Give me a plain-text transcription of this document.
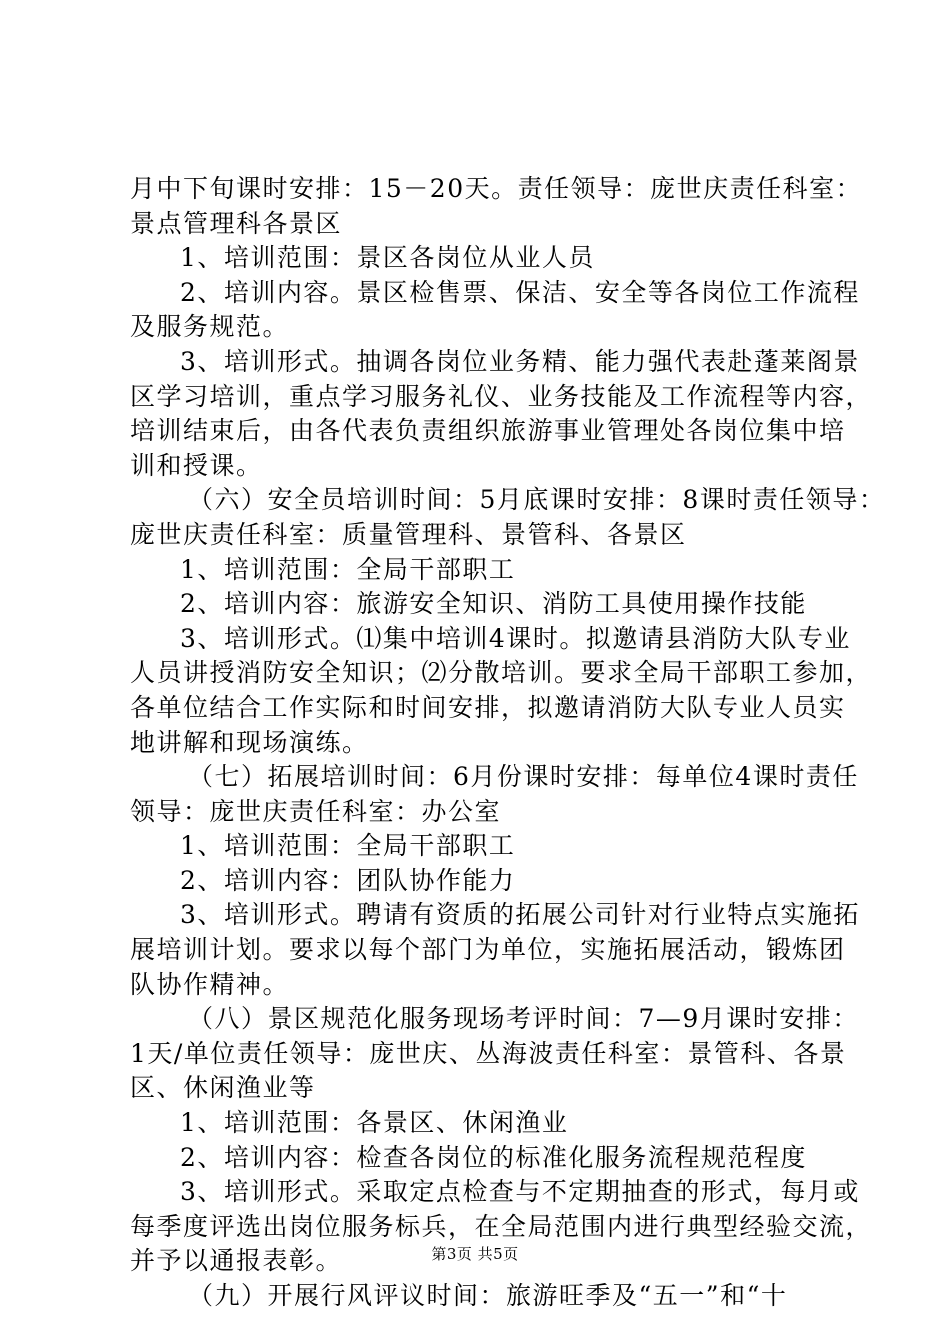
月中下旬课时安排：15－20天。责任领导：庞世庆责任科室：
景点管理科各景区
1、培训范围：景区各岗位从业人员
2、培训内容。景区检售票、保洁、安全等各岗位工作流程
及服务规范。
3、培训形式。抽调各岗位业务精、能力强代表赴蓬莱阁景
区学习培训，重点学习服务礼仪、业务技能及工作流程等内容，
培训结束后，由各代表负责组织旅游事业管理处各岗位集中培
训和授课。
（六）安全员培训时间：5月底课时安排：8课时责任领导：
庞世庆责任科室：质量管理科、景管科、各景区
1、培训范围：全局干部职工
2、培训内容：旅游安全知识、消防工具使用操作技能
3、培训形式。⑴集中培训4课时。拟邀请县消防大队专业
人员讲授消防安全知识；⑵分散培训。要求全局干部职工参加，
各单位结合工作实际和时间安排，拟邀请消防大队专业人员实
地讲解和现场演练。
（七）拓展培训时间：6月份课时安排：每单位4课时责任
领导：庞世庆责任科室：办公室
1、培训范围：全局干部职工
2、培训内容：团队协作能力
3、培训形式。聘请有资质的拓展公司针对行业特点实施拓
展培训计划。要求以每个部门为单位，实施拓展活动，锻炼团
队协作精神。
（八）景区规范化服务现场考评时间：7—9月课时安排：
1天/单位责任领导：庞世庆、丛海波责任科室：景管科、各景
区、休闲渔业等
1、培训范围：各景区、休闲渔业
2、培训内容：检查各岗位的标准化服务流程规范程度
3、培训形式。采取定点检查与不定期抽查的形式，每月或
每季度评选出岗位服务标兵，在全局范围内进行典型经验交流，
并予以通报表彰。
（九）开展行风评议时间：旅游旺季及“五一”和“十
第3页 共5页
